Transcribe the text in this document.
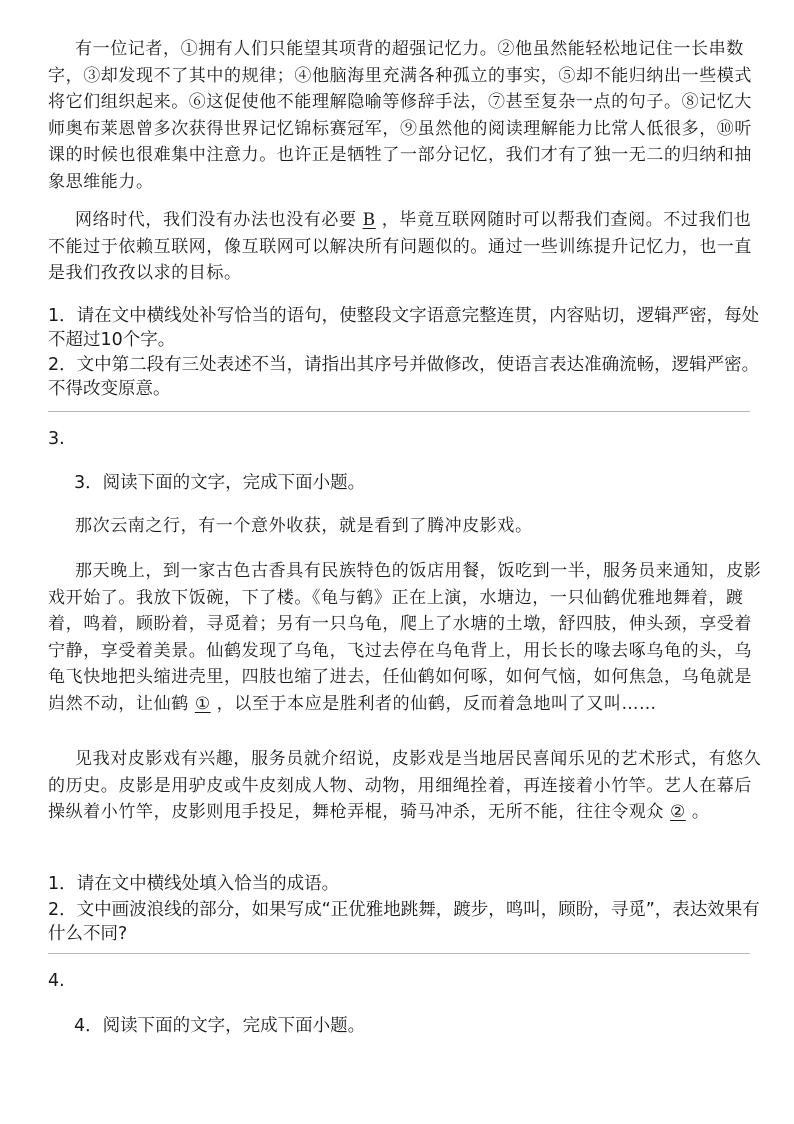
有一位记者，①拥有人们只能望其项背的超强记忆力。②他虽然能轻松地记住一长串数字，③却发现不了其中的规律；④他脑海里充满各种孤立的事实，⑤却不能归纳出一些模式将它们组织起来。⑥这促使他不能理解隐喻等修辞手法，⑦甚至复杂一点的句子。⑧记忆大师奥布莱恩曾多次获得世界记忆锦标赛冠军，⑨虽然他的阅读理解能力比常人低很多，⑩听课的时候也很难集中注意力。也许正是牺牲了一部分记忆，我们才有了独一无二的归纳和抽象思维能力。

网络时代，我们没有办法也没有必要 B ，毕竟互联网随时可以帮我们查阅。不过我们也不能过于依赖互联网，像互联网可以解决所有问题似的。通过一些训练提升记忆力，也一直是我们孜孜以求的目标。

1．请在文中横线处补写恰当的语句，使整段文字语意完整连贯，内容贴切，逻辑严密，每处不超过10个字。

2．文中第二段有三处表述不当，请指出其序号并做修改，使语言表达准确流畅，逻辑严密。不得改变原意。

3.

3．阅读下面的文字，完成下面小题。

那次云南之行，有一个意外收获，就是看到了腾冲皮影戏。

那天晚上，到一家古色古香具有民族特色的饭店用餐，饭吃到一半，服务员来通知，皮影戏开始了。我放下饭碗，下了楼。《龟与鹤》正在上演，水塘边，一只仙鹤优雅地舞着，踱着，鸣着，顾盼着，寻觅着；另有一只乌龟，爬上了水塘的土墩，舒四肢，伸头颈，享受着宁静，享受着美景。仙鹤发现了乌龟，飞过去停在乌龟背上，用长长的喙去啄乌龟的头，乌龟飞快地把头缩进壳里，四肢也缩了进去，任仙鹤如何啄，如何气恼，如何焦急，乌龟就是岿然不动，让仙鹤 ① ，以至于本应是胜利者的仙鹤，反而着急地叫了又叫……

见我对皮影戏有兴趣，服务员就介绍说，皮影戏是当地居民喜闻乐见的艺术形式，有悠久的历史。皮影是用驴皮或牛皮刻成人物、动物，用细绳拴着，再连接着小竹竿。艺人在幕后操纵着小竹竿，皮影则甩手投足，舞枪弄棍，骑马冲杀，无所不能，往往令观众 ② 。

1．请在文中横线处填入恰当的成语。

2．文中画波浪线的部分，如果写成“正优雅地跳舞，踱步，鸣叫，顾盼，寻觅”，表达效果有什么不同?

4.

4．阅读下面的文字，完成下面小题。
